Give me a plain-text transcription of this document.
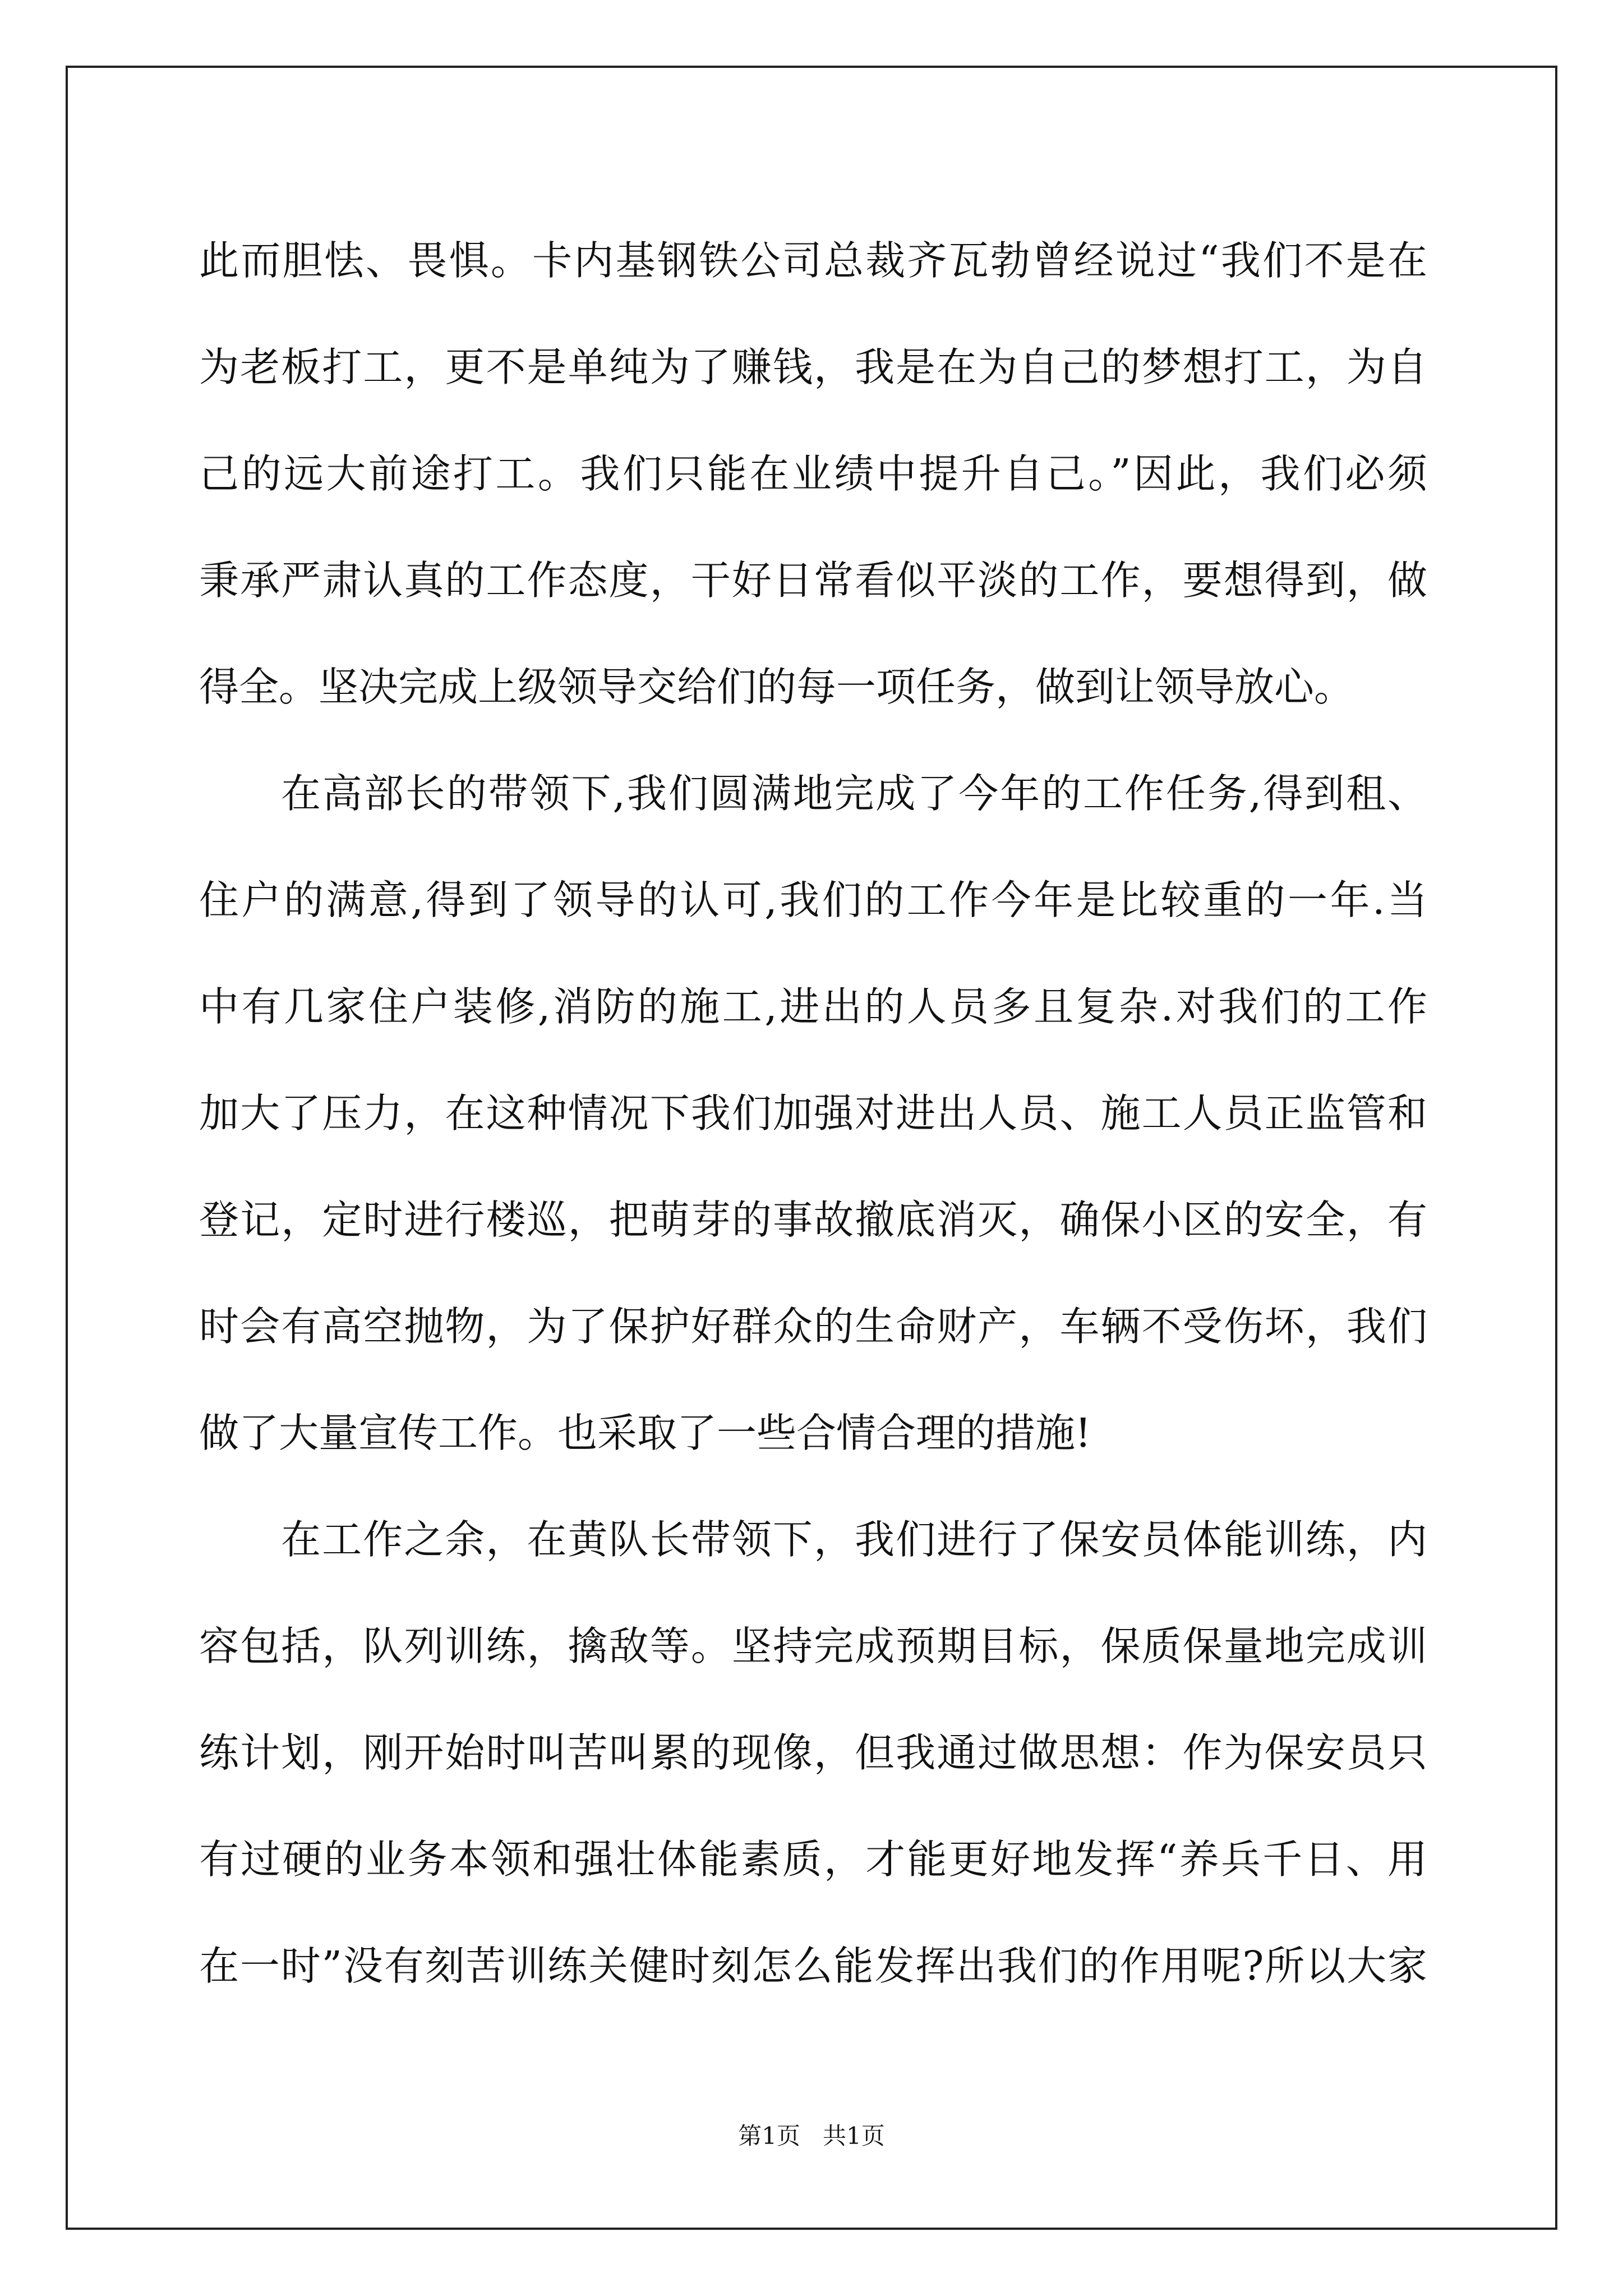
此而胆怯、畏惧。卡内基钢铁公司总裁齐瓦勃曾经说过“我们不是在
为老板打工，更不是单纯为了赚钱，我是在为自己的梦想打工，为自
己的远大前途打工。我们只能在业绩中提升自己。”因此，我们必须
秉承严肃认真的工作态度，干好日常看似平淡的工作，要想得到，做
得全。坚决完成上级领导交给们的每一项任务，做到让领导放心。
在高部长的带领下,我们圆满地完成了今年的工作任务,得到租、
住户的满意,得到了领导的认可,我们的工作今年是比较重的一年.当
中有几家住户装修,消防的施工,进出的人员多且复杂.对我们的工作
加大了压力，在这种情况下我们加强对进出人员、施工人员正监管和
登记，定时进行楼巡，把萌芽的事故撤底消灭，确保小区的安全，有
时会有高空抛物，为了保护好群众的生命财产，车辆不受伤坏，我们
做了大量宣传工作。也采取了一些合情合理的措施!
在工作之余，在黄队长带领下，我们进行了保安员体能训练，内
容包括，队列训练，擒敌等。坚持完成预期目标，保质保量地完成训
练计划，刚开始时叫苦叫累的现像，但我通过做思想：作为保安员只
有过硬的业务本领和强壮体能素质，才能更好地发挥“养兵千日、用
在一时”没有刻苦训练关健时刻怎么能发挥出我们的作用呢?所以大家
第1页 共1页
